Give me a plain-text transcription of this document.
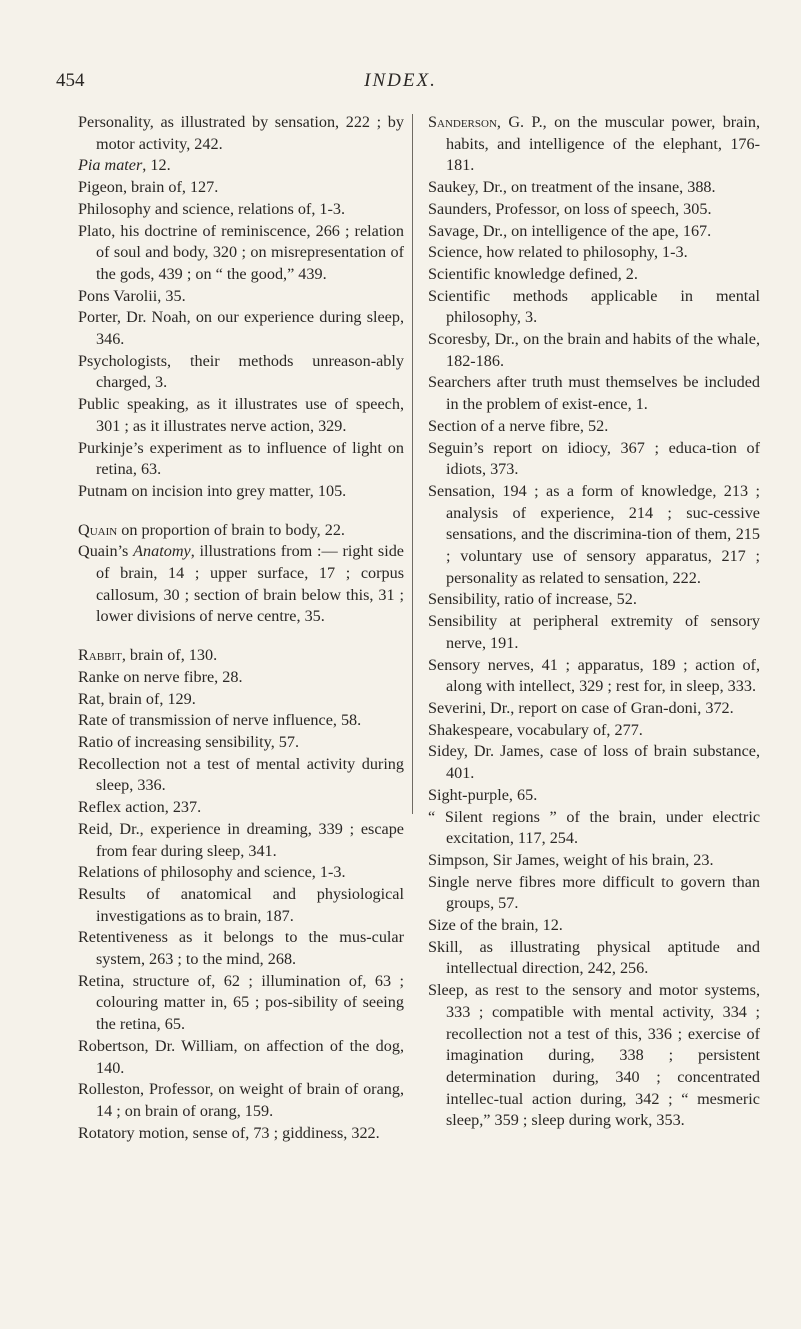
454	INDEX.
Personality, as illustrated by sensation, 222 ; by motor activity, 242.
Pia mater, 12.
Pigeon, brain of, 127.
Philosophy and science, relations of, 1-3.
Plato, his doctrine of reminiscence, 266 ; relation of soul and body, 320 ; on misrepresentation of the gods, 439 ; on “ the good,” 439.
Pons Varolii, 35.
Porter, Dr. Noah, on our experience during sleep, 346.
Psychologists, their methods unreason-ably charged, 3.
Public speaking, as it illustrates use of speech, 301 ; as it illustrates nerve action, 329.
Purkinje’s experiment as to influence of light on retina, 63.
Putnam on incision into grey matter, 105.
Quain on proportion of brain to body, 22.
Quain’s Anatomy, illustrations from :— right side of brain, 14 ; upper surface, 17 ; corpus callosum, 30 ; section of brain below this, 31 ; lower divisions of nerve centre, 35.
Rabbit, brain of, 130.
Ranke on nerve fibre, 28.
Rat, brain of, 129.
Rate of transmission of nerve influence, 58.
Ratio of increasing sensibility, 57.
Recollection not a test of mental activity during sleep, 336.
Reflex action, 237.
Reid, Dr., experience in dreaming, 339 ; escape from fear during sleep, 341.
Relations of philosophy and science, 1-3.
Results of anatomical and physiological investigations as to brain, 187.
Retentiveness as it belongs to the mus-cular system, 263 ; to the mind, 268.
Retina, structure of, 62 ; illumination of, 63 ; colouring matter in, 65 ; pos-sibility of seeing the retina, 65.
Robertson, Dr. William, on affection of the dog, 140.
Rolleston, Professor, on weight of brain of orang, 14 ; on brain of orang, 159.
Rotatory motion, sense of, 73 ; giddiness, 322.
Sanderson, G. P., on the muscular power, brain, habits, and intelligence of the elephant, 176-181.
Saukey, Dr., on treatment of the insane, 388.
Saunders, Professor, on loss of speech, 305.
Savage, Dr., on intelligence of the ape, 167.
Science, how related to philosophy, 1-3.
Scientific knowledge defined, 2.
Scientific methods applicable in mental philosophy, 3.
Scoresby, Dr., on the brain and habits of the whale, 182-186.
Searchers after truth must themselves be included in the problem of exist-ence, 1.
Section of a nerve fibre, 52.
Seguin’s report on idiocy, 367 ; educa-tion of idiots, 373.
Sensation, 194 ; as a form of knowledge, 213 ; analysis of experience, 214 ; suc-cessive sensations, and the discrimina-tion of them, 215 ; voluntary use of sensory apparatus, 217 ; personality as related to sensation, 222.
Sensibility, ratio of increase, 52.
Sensibility at peripheral extremity of sensory nerve, 191.
Sensory nerves, 41 ; apparatus, 189 ; action of, along with intellect, 329 ; rest for, in sleep, 333.
Severini, Dr., report on case of Gran-doni, 372.
Shakespeare, vocabulary of, 277.
Sidey, Dr. James, case of loss of brain substance, 401.
Sight-purple, 65.
“ Silent regions ” of the brain, under electric excitation, 117, 254.
Simpson, Sir James, weight of his brain, 23.
Single nerve fibres more difficult to govern than groups, 57.
Size of the brain, 12.
Skill, as illustrating physical aptitude and intellectual direction, 242, 256.
Sleep, as rest to the sensory and motor systems, 333 ; compatible with mental activity, 334 ; recollection not a test of this, 336 ; exercise of imagination during, 338 ; persistent determination during, 340 ; concentrated intellec-tual action during, 342 ; “ mesmeric sleep,” 359 ; sleep during work, 353.
